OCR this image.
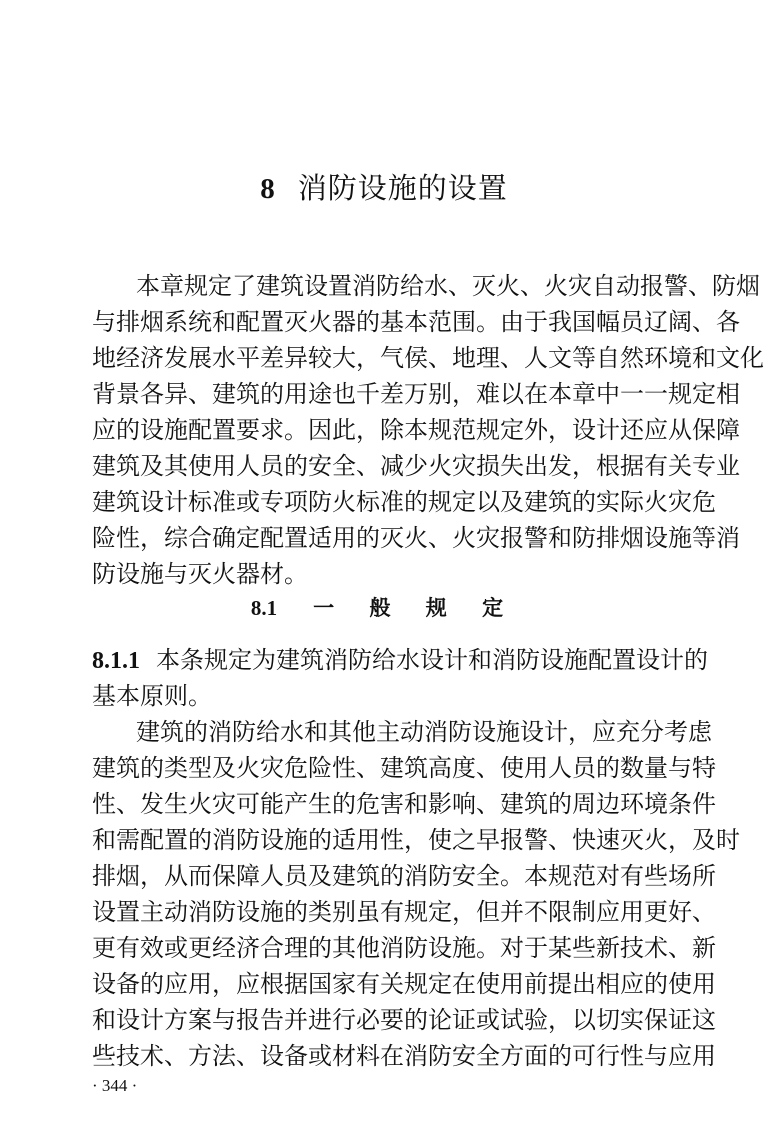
8 消防设施的设置
本章规定了建筑设置消防给水、灭火、火灾自动报警、防烟
与排烟系统和配置灭火器的基本范围。由于我国幅员辽阔、各
地经济发展水平差异较大，气侯、地理、人文等自然环境和文化
背景各异、建筑的用途也千差万别，难以在本章中一一规定相
应的设施配置要求。因此，除本规范规定外，设计还应从保障
建筑及其使用人员的安全、减少火灾损失出发，根据有关专业
建筑设计标准或专项防火标准的规定以及建筑的实际火灾危
险性，综合确定配置适用的灭火、火灾报警和防排烟设施等消
防设施与灭火器材。
8.1 一 般 规 定
8.1.1 本条规定为建筑消防给水设计和消防设施配置设计的
基本原则。
建筑的消防给水和其他主动消防设施设计，应充分考虑
建筑的类型及火灾危险性、建筑高度、使用人员的数量与特
性、发生火灾可能产生的危害和影响、建筑的周边环境条件
和需配置的消防设施的适用性，使之早报警、快速灭火，及时
排烟，从而保障人员及建筑的消防安全。本规范对有些场所
设置主动消防设施的类别虽有规定，但并不限制应用更好、
更有效或更经济合理的其他消防设施。对于某些新技术、新
设备的应用，应根据国家有关规定在使用前提出相应的使用
和设计方案与报告并进行必要的论证或试验，以切实保证这
些技术、方法、设备或材料在消防安全方面的可行性与应用
· 344 ·
